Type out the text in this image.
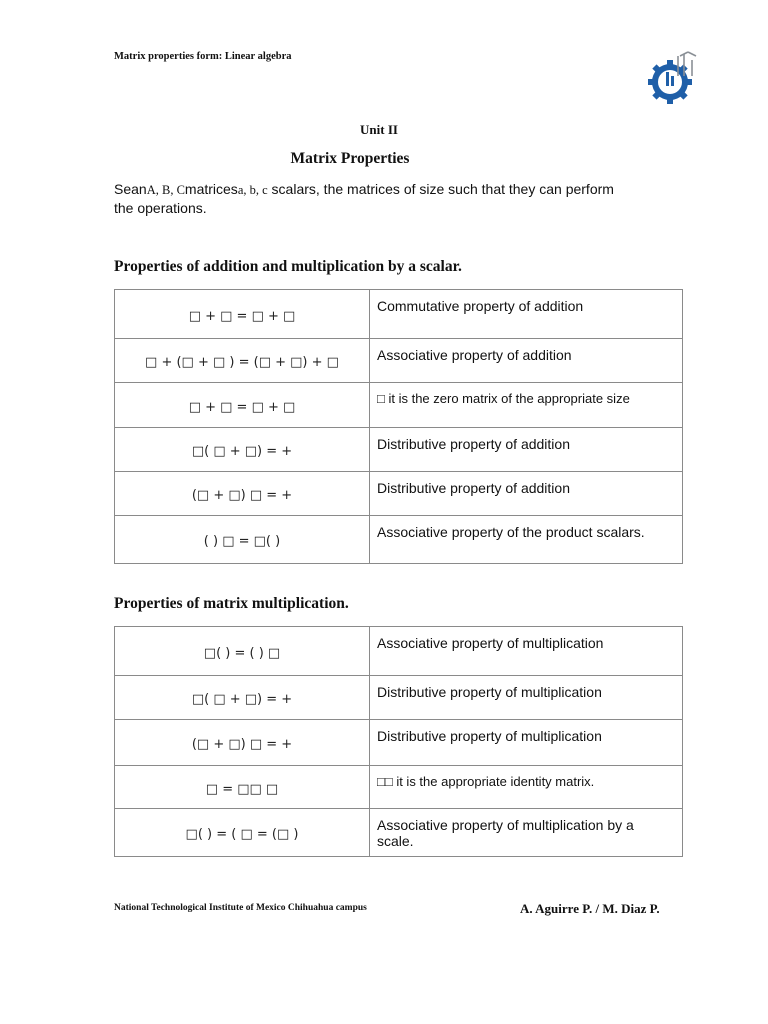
Matrix properties form: Linear algebra
Unit II
Matrix Properties
SeanA, B, Cmatricesa, b, c scalars, the matrices of size such that they can perform the operations.
Properties of addition and multiplication by a scalar.
□ + □ = □ + □	Commutative property of addition
□ + (□ + □ ) = (□ + □) + □	Associative property of addition
□ + □ = □ + □	□ it is the zero matrix of the appropriate size
□( □ + □) = +	Distributive property of addition
(□ + □) □ = +	Distributive property of addition
( ) □ = □( )	Associative property of the product scalars.
Properties of matrix multiplication.
□( ) = ( ) □	Associative property of multiplication
□( □ + □) = +	Distributive property of multiplication
(□ + □) □ = +	Distributive property of multiplication
□ = □□ □	□□ it is the appropriate identity matrix.
□( ) = ( □ = (□ )	Associative property of multiplication by a scale.
National Technological Institute of Mexico Chihuahua campus	A. Aguirre P. / M. Diaz P.
